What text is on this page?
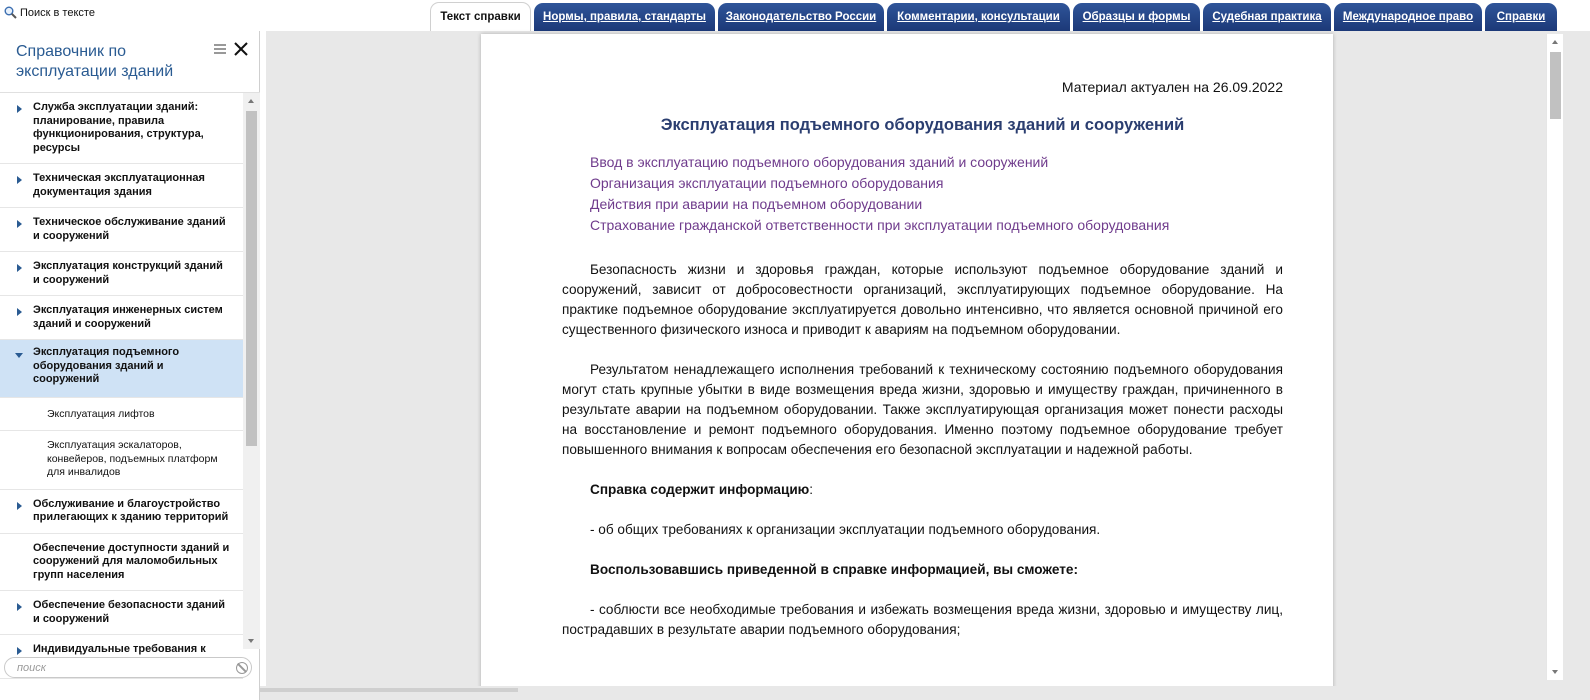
Поиск в тексте	Текст справки	Нормы, правила, стандарты	Законодательство России	Комментарии, консультации	Образцы и формы	Судебная практика	Международное право	Справки
Справочник по эксплуатации зданий
Служба эксплуатации зданий: планирование, правила функционирования, структура, ресурсы
Техническая эксплуатационная документация здания
Техническое обслуживание зданий и сооружений
Эксплуатация конструкций зданий и сооружений
Эксплуатация инженерных систем зданий и сооружений
Эксплуатация подъемного оборудования зданий и сооружений
Эксплуатация лифтов
Эксплуатация эскалаторов, конвейеров, подъемных платформ для инвалидов
Обслуживание и благоустройство прилегающих к зданию территорий
Обеспечение доступности зданий и сооружений для маломобильных групп населения
Обеспечение безопасности зданий и сооружений
Индивидуальные требования к
поиск
Материал актуален на 26.09.2022
Эксплуатация подъемного оборудования зданий и сооружений
Ввод в эксплуатацию подъемного оборудования зданий и сооружений
Организация эксплуатации подъемного оборудования
Действия при аварии на подъемном оборудовании
Страхование гражданской ответственности при эксплуатации подъемного оборудования

Безопасность жизни и здоровья граждан, которые используют подъемное оборудование зданий и сооружений, зависит от добросовестности организаций, эксплуатирующих подъемное оборудование. На практике подъемное оборудование эксплуатируется довольно интенсивно, что является основной причиной его существенного физического износа и приводит к авариям на подъемном оборудовании.

Результатом ненадлежащего исполнения требований к техническому состоянию подъемного оборудования могут стать крупные убытки в виде возмещения вреда жизни, здоровью и имуществу граждан, причиненного в результате аварии на подъемном оборудовании. Также эксплуатирующая организация может понести расходы на восстановление и ремонт подъемного оборудования. Именно поэтому подъемное оборудование требует повышенного внимания к вопросам обеспечения его безопасной эксплуатации и надежной работы.

Справка содержит информацию:

- об общих требованиях к организации эксплуатации подъемного оборудования.

Воспользовавшись приведенной в справке информацией, вы сможете:

- соблюсти все необходимые требования и избежать возмещения вреда жизни, здоровью и имуществу лиц, пострадавших в результате аварии подъемного оборудования;
